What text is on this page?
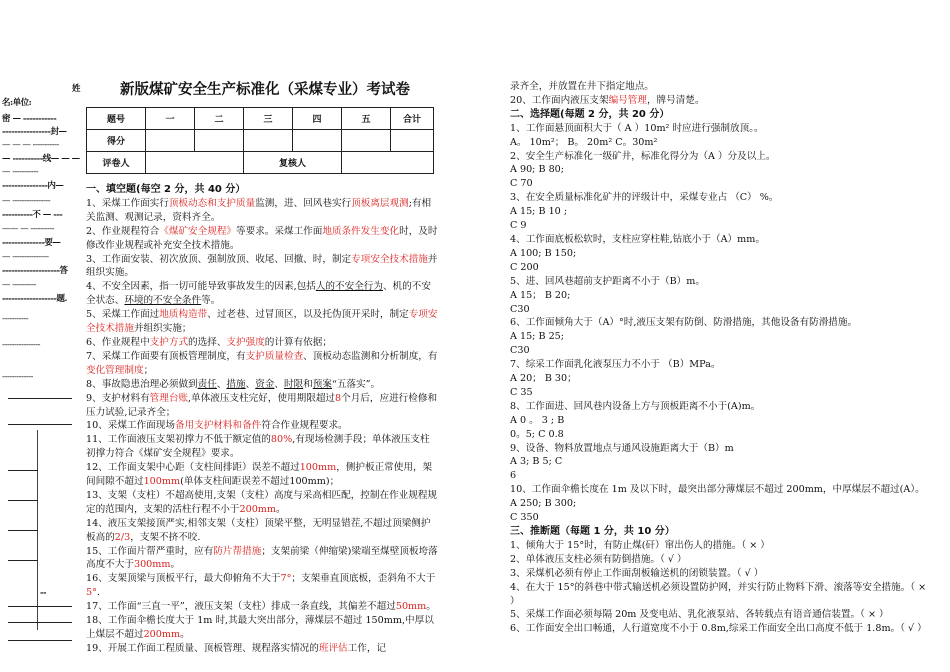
姓
名:单位:
密 — -----------
----------------封—
— — — -----------
— ----------线— — —
— -----------
---------------内—
— ----------------
----------不 — ---
—— — ----------
--------------要—
— ------------—
-------------------答
— ----------
------------------题.
-----------
----------------
-------------
--
新版煤矿安全生产标准化（采煤专业）考试卷
题号	一	二	三	四	五	合计
得分						
评卷人			复核人			

一、填空题(每空 2 分，共 40 分）

1、采煤工作面实行顶板动态和支护质量监测，进、回风巷实行顶板离层观测;有相关监测、观测记录，资料齐全。

2、作业规程符合《煤矿安全规程》等要求。采煤工作面地质条件发生变化时，及时修改作业规程或补充安全技术措施。

3、工作面安装、初次放顶、强制放顶、收尾、回撤、时，制定专项安全技术措施并组织实施。

4、不安全因素，指一切可能导致事故发生的因素,包括人的不安全行为、机的不安全状态、环境的不安全条件等。

5、采煤工作面过地质构造带、过老巷、过冒顶区，以及托伪顶开采时，制定专项安全技术措施并组织实施；

6、作业规程中支护方式的选择、支护强度的计算有依据；

7、采煤工作面要有顶板管理制度，有支护质量检查、顶板动态监测和分析制度，有变化管理制度；

8、事故隐患治理必须做到责任、措施、资金、时限和预案“五落实”。

9、支护材料有管理台账,单体液压支柱完好，使用期限超过8个月后，应进行检修和压力试验,记录齐全；

10、采煤工作面现场备用支护材料和备件符合作业规程要求。

11、工作面液压支架初撑力不低于额定值的80%,有现场检测手段；单体液压支柱初撑力符合《煤矿安全规程》要求。

12、工作面支架中心距（支柱间排距）误差不超过100mm，侧护板正常使用，架间间隙不超过100mm(单体支柱间距误差不超过100mm)；

13、支架（支柱）不超高使用,支架（支柱）高度与采高相匹配，控制在作业规程规定的范围内，支架的活柱行程不小于200mm。

14、液压支架接顶严实,相邻支架（支柱）顶梁平整，无明显错茬,不超过顶梁侧护板高的2/3，支架不挤不咬.

15、工作面片帮严重时，应有防片帮措施；支架前梁（伸缩梁)梁端至煤壁顶板垮落高度不大于300mm。

16、支架顶梁与顶板平行，最大仰俯角不大于7°；支架垂直顶底板，歪斜角不大于5°.

17、工作面“三直一平”，液压支架（支柱）排成一条直线，其偏差不超过50mm。

18、工作面伞檐长度大于 1m 时,其最大突出部分，薄煤层不超过 150mm,中厚以上煤层不超过200mm。

19、开展工作面工程质量、顶板管理、规程落实情况的班评估工作，记

录齐全，并放置在井下指定地点。

20、工作面内液压支架编号管理，牌号清楚。

二、选择题(每题 2 分，共 20 分）

1、工作面悬顶面积大于（ A ）10m² 时应进行强制放顶。。

A。 10m²； B。 20m² C。30m²

2、安全生产标准化一级矿井，标准化得分为（A ）分及以上。

A 90; B 80;

C 70

3、在安全质量标准化矿井的评级计中，采煤专业占 （C） %。

A 15; B 10 ;

C 9

4、工作面底板松软时，支柱应穿柱鞋,钻底小于（A）mm。

A 100; B 150;

C 200

5、进、回风巷超前支护距离不小于（B）m。

A 15； B 20;

C30

6、工作面倾角大于（A）°时,液压支架有防倒、防滑措施，其他设备有防滑措施。

A 15; B 25;

C30

7、综采工作面乳化液泵压力不小于 （B）MPa。

A 20； B 30；

C 35

8、工作面进、回风巷内设备上方与顶板距离不小于(A)m。

A 0 。 3 ; B

0。5; C 0.8

9、设备、物料放置地点与通风设施距离大于（B）m

A 3; B 5; C

6

10、工作面伞檐长度在 1m 及以下时，最突出部分薄煤层不超过 200mm，中厚煤层不超过(A）。

A 250; B 300;

C 350

三、推断题（每题 1 分，共 10 分）

1、倾角大于 15°时，有防止煤(矸）窜出伤人的措施。（ × ）

2、单体液压支柱必须有防倒措施。（ √ ）

3、采煤机必须有停止工作面刮板输送机的闭锁装置。（ √ ）

4、在大于 15°的斜巷中带式输送机必须设置防护网，并实行防止物料下滑、滚落等安全措施。（ × ）

5、采煤工作面必须每隔 20m 及变电站、乳化液泵站、各转载点有语音通信装置。（ × ）

6、工作面安全出口畅通，人行道宽度不小于 0.8m,综采工作面安全出口高度不低于 1.8m。（ √ ）
